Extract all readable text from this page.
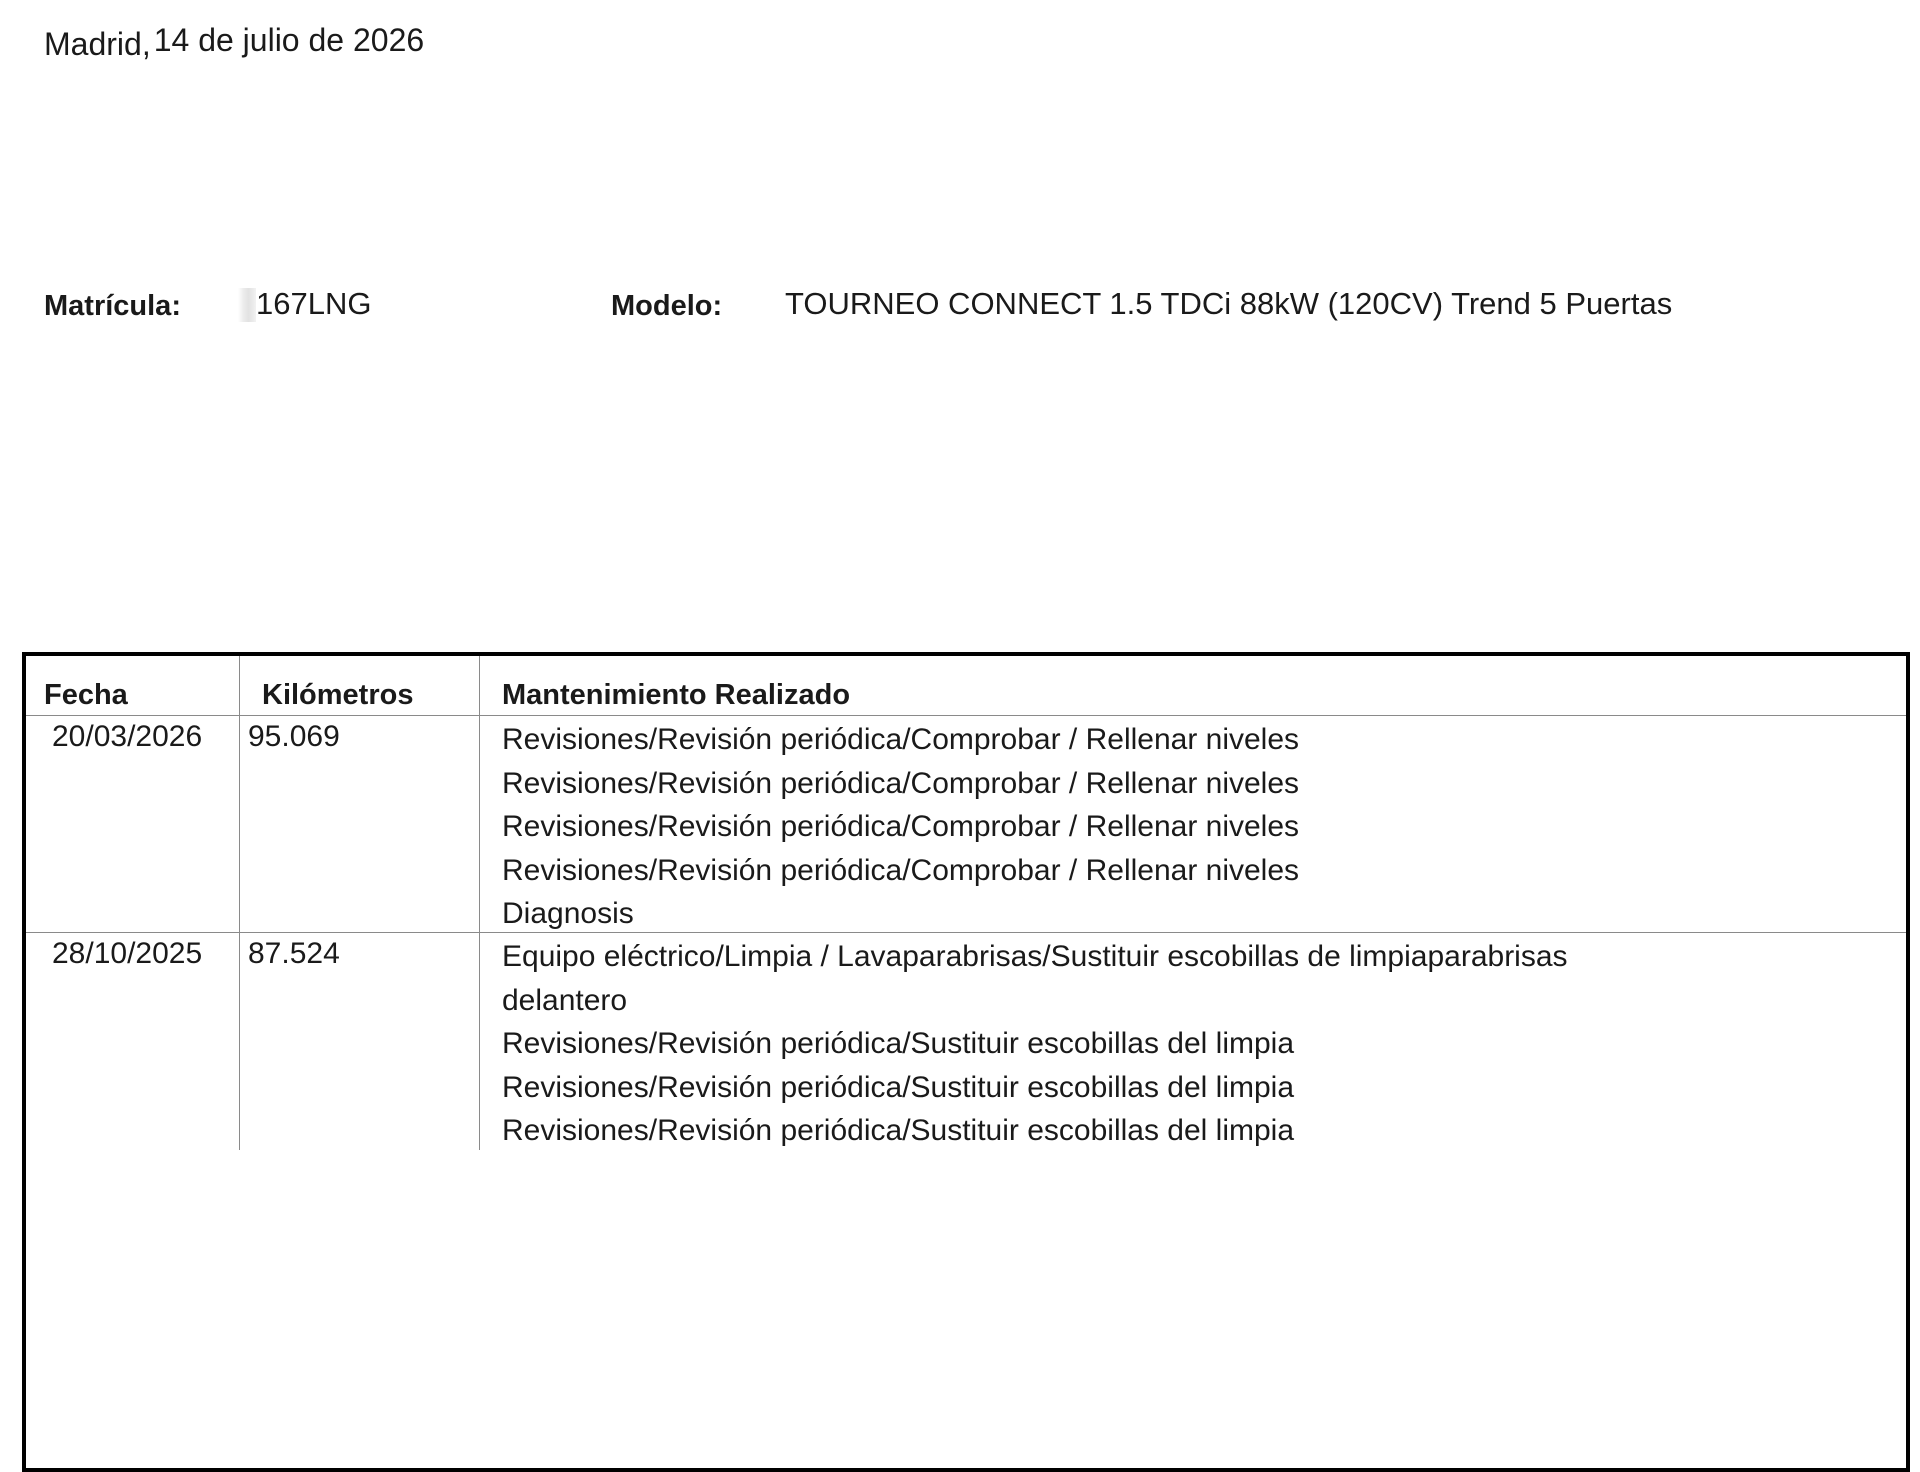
Madrid,14 de julio de 2026
Matrícula: 167LNG	Modelo: TOURNEO CONNECT 1.5 TDCi 88kW (120CV) Trend 5 Puertas
Fecha	Kilómetros	Mantenimiento Realizado
20/03/2026 95.069	Revisiones/Revisión periódica/Comprobar / Rellenar niveles
Revisiones/Revisión periódica/Comprobar / Rellenar niveles
Revisiones/Revisión periódica/Comprobar / Rellenar niveles
Revisiones/Revisión periódica/Comprobar / Rellenar niveles
Diagnosis
28/10/2025 87.524	Equipo eléctrico/Limpia / Lavaparabrisas/Sustituir escobillas de limpiaparabrisas
delantero
Revisiones/Revisión periódica/Sustituir escobillas del limpia
Revisiones/Revisión periódica/Sustituir escobillas del limpia
Revisiones/Revisión periódica/Sustituir escobillas del limpia
